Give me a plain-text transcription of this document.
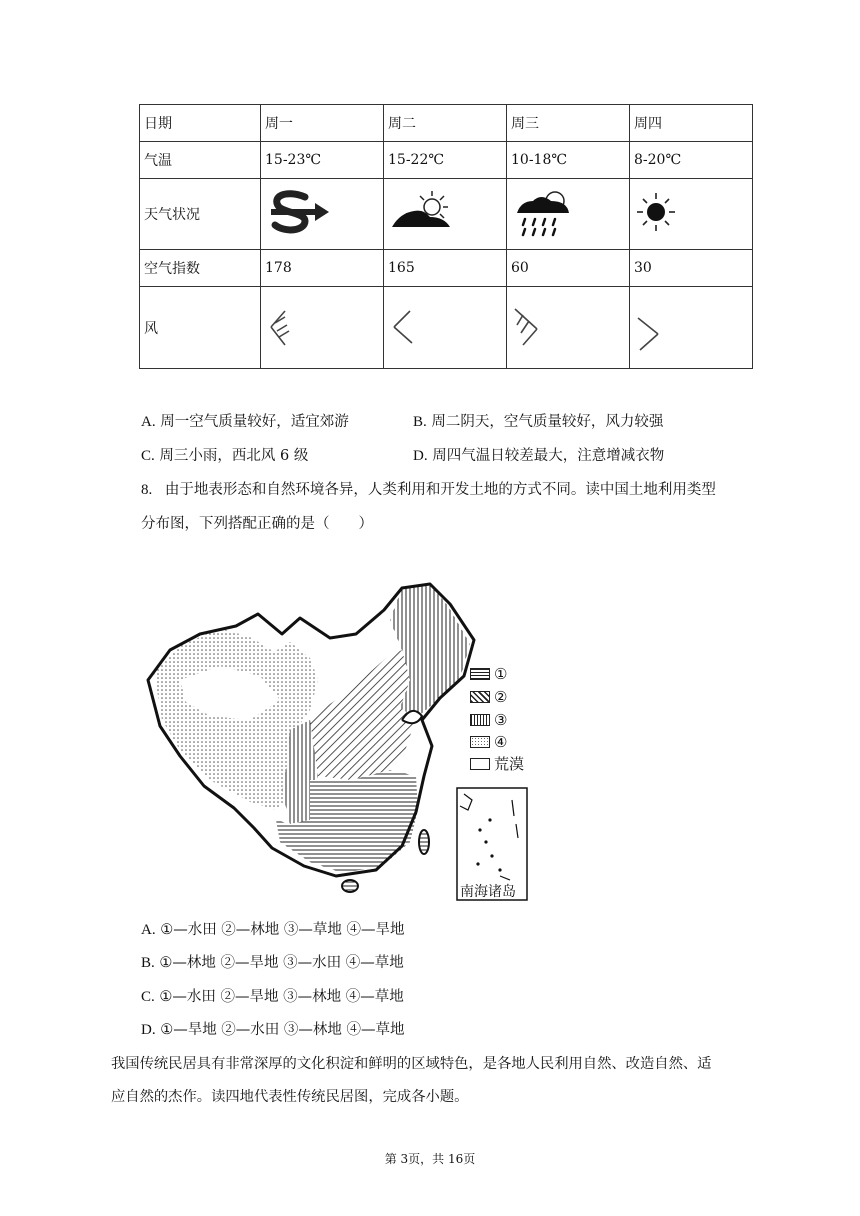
日期	周一	周二	周三	周四
气温	15-23℃	15-22℃	10-18℃	8-20℃
天气状况				
空气指数	178	165	60	30
风				
A. 周一空气质量较好，适宜郊游	B. 周二阴天，空气质量较好，风力较强
C. 周三小雨，西北风 6 级	D. 周四气温日较差最大，注意增减衣物
8. 由于地表形态和自然环境各异，人类利用和开发土地的方式不同。读中国土地利用类型
分布图，下列搭配正确的是（　　）
①
②
③
④
荒漠
南海诸岛
A. ①—水田 ②—林地 ③—草地 ④—旱地
B. ①—林地 ②—旱地 ③—水田 ④—草地
C. ①—水田 ②—旱地 ③—林地 ④—草地
D. ①—旱地 ②—水田 ③—林地 ④—草地
我国传统民居具有非常深厚的文化积淀和鲜明的区域特色，是各地人民利用自然、改造自然、适
应自然的杰作。读四地代表性传统民居图，完成各小题。
第 3页，共 16页
